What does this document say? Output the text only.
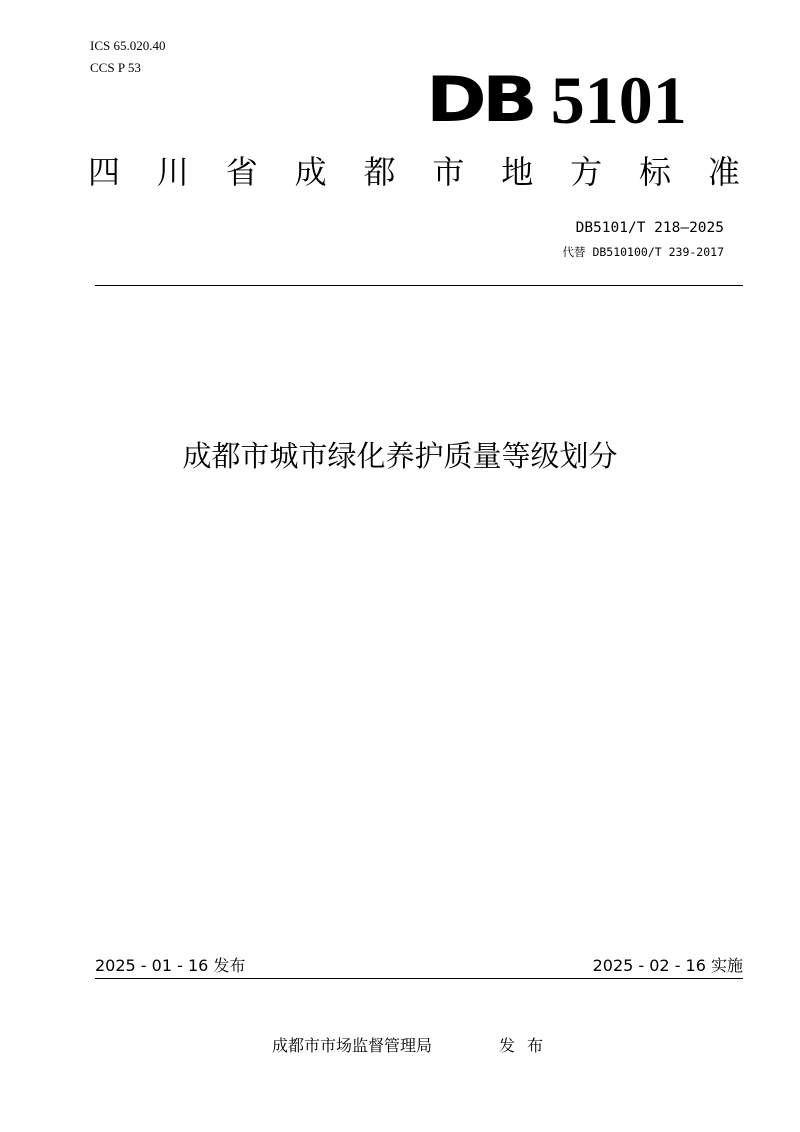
ICS 65.020.40
CCS P 53	DB 5101
四 川 省 成 都 市 地 方 标 准
DB5101/T 218—2025
代替 DB510100/T 239-2017
成都市城市绿化养护质量等级划分
2025 - 01 - 16 发布	2025 - 02 - 16 实施
成都市市场监督管理局	发布
